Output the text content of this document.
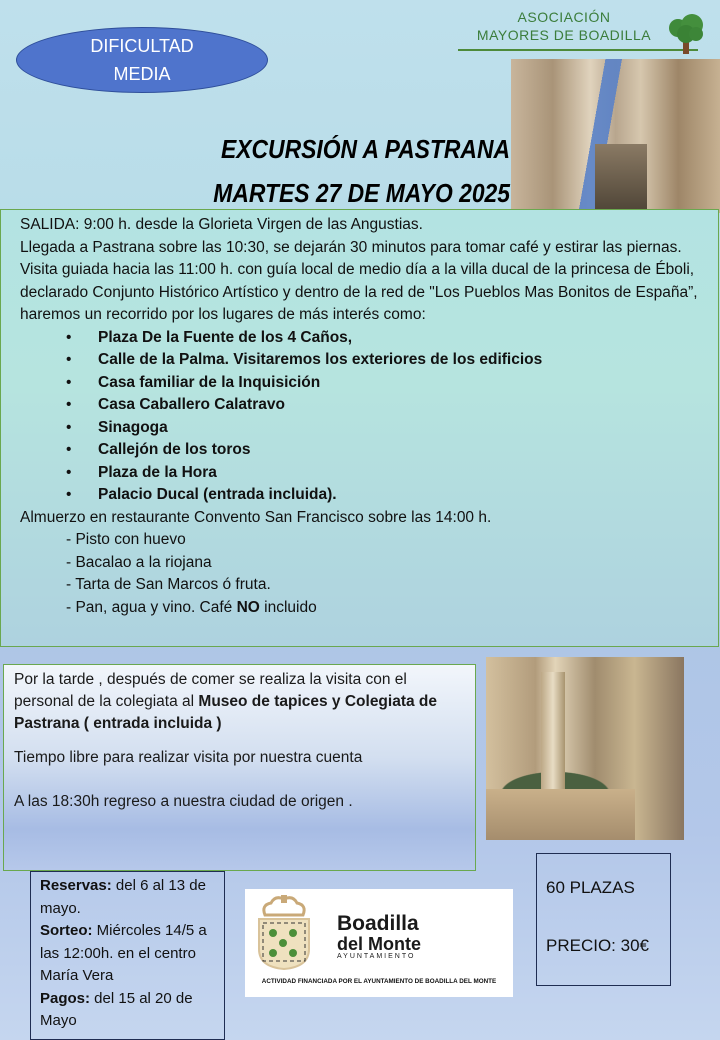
DIFICULTAD
MEDIA
ASOCIACIÓN
MAYORES DE BOADILLA
EXCURSIÓN A PASTRANA
MARTES 27 DE MAYO 2025

SALIDA: 9:00 h. desde la Glorieta Virgen de las Angustias.

Llegada a Pastrana sobre las 10:30, se dejarán 30 minutos para tomar café y estirar las piernas.

Visita guiada hacia las 11:00 h. con guía local de medio día a la villa ducal de la princesa de Éboli, declarado Conjunto Histórico Artístico y dentro de la red de "Los Pueblos Mas Bonitos de España”, haremos un recorrido por los lugares de más interés como:

• Plaza De la Fuente de los 4 Caños,
• Calle de la Palma. Visitaremos los exteriores de los edificios
• Casa familiar de la Inquisición
• Casa Caballero Calatravo
• Sinagoga
• Callejón de los toros
• Plaza de la Hora
• Palacio Ducal (entrada incluida).

Almuerzo en restaurante Convento San Francisco sobre las 14:00 h.

- Pisto con huevo
- Bacalao a la riojana
- Tarta de San Marcos ó fruta.
- Pan, agua y vino. Café NO incluido

Por la tarde , después de comer se realiza la visita con el personal de la colegiata al Museo de tapices y Colegiata de Pastrana ( entrada incluida )

Tiempo libre para realizar visita por nuestra cuenta

A las 18:30h regreso a nuestra ciudad de origen .

Reservas: del 6 al 13 de mayo.
Sorteo: Miércoles 14/5 a las 12:00h. en el centro María Vera
Pagos: del 15 al 20 de Mayo
Boadilla
del Monte
AYUNTAMIENTO
ACTIVIDAD FINANCIADA POR EL AYUNTAMIENTO DE BOADILLA DEL MONTE
60 PLAZAS
PRECIO: 30€
